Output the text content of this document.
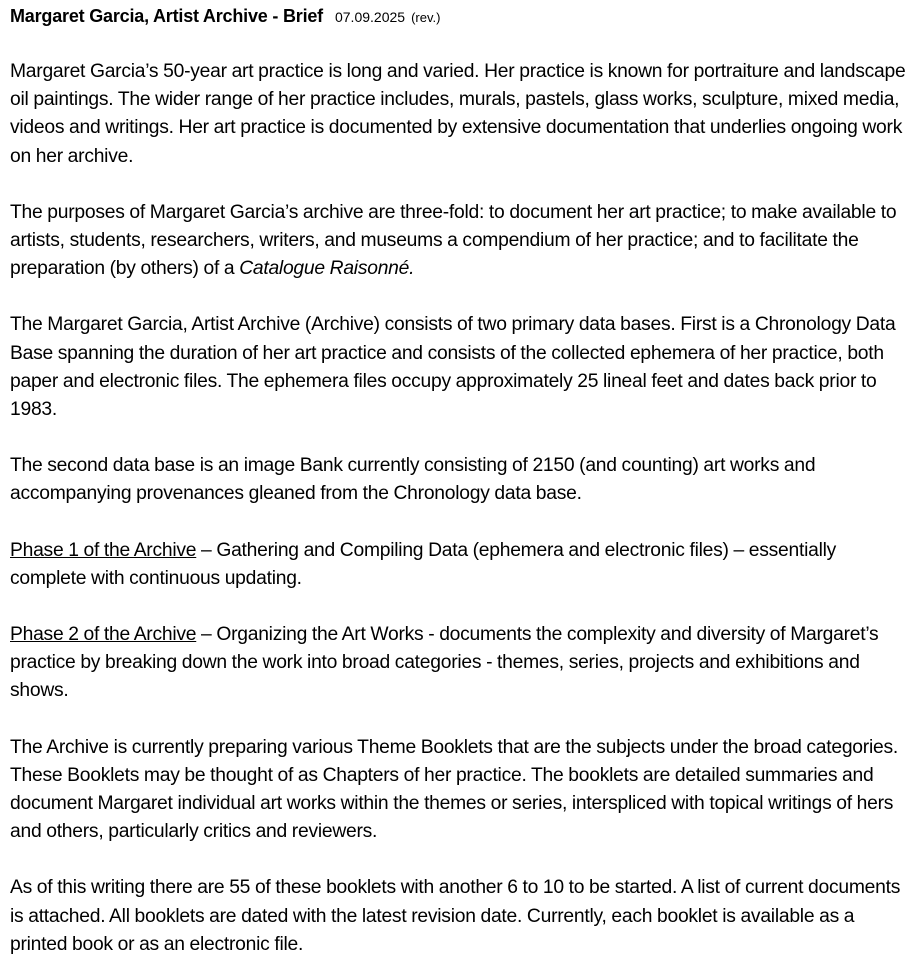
Margaret Garcia, Artist Archive - Brief 07.09.2025 (rev.)

Margaret Garcia’s 50-year art practice is long and varied. Her practice is known for portraiture and landscape oil paintings. The wider range of her practice includes, murals, pastels, glass works, sculpture, mixed media, videos and writings. Her art practice is documented by extensive documentation that underlies ongoing work on her archive.

The purposes of Margaret Garcia’s archive are three-fold: to document her art practice; to make available to artists, students, researchers, writers, and museums a compendium of her practice; and to facilitate the preparation (by others) of a Catalogue Raisonné.

The Margaret Garcia, Artist Archive (Archive) consists of two primary data bases. First is a Chronology Data Base spanning the duration of her art practice and consists of the collected ephemera of her practice, both paper and electronic files. The ephemera files occupy approximately 25 lineal feet and dates back prior to 1983.

The second data base is an image Bank currently consisting of 2150 (and counting) art works and accompanying provenances gleaned from the Chronology data base.

Phase 1 of the Archive – Gathering and Compiling Data (ephemera and electronic files) – essentially complete with continuous updating.

Phase 2 of the Archive – Organizing the Art Works - documents the complexity and diversity of Margaret’s practice by breaking down the work into broad categories - themes, series, projects and exhibitions and shows.

The Archive is currently preparing various Theme Booklets that are the subjects under the broad categories. These Booklets may be thought of as Chapters of her practice. The booklets are detailed summaries and document Margaret individual art works within the themes or series, interspliced with topical writings of hers and others, particularly critics and reviewers.

As of this writing there are 55 of these booklets with another 6 to 10 to be started. A list of current documents is attached. All booklets are dated with the latest revision date. Currently, each booklet is available as a printed book or as an electronic file.
